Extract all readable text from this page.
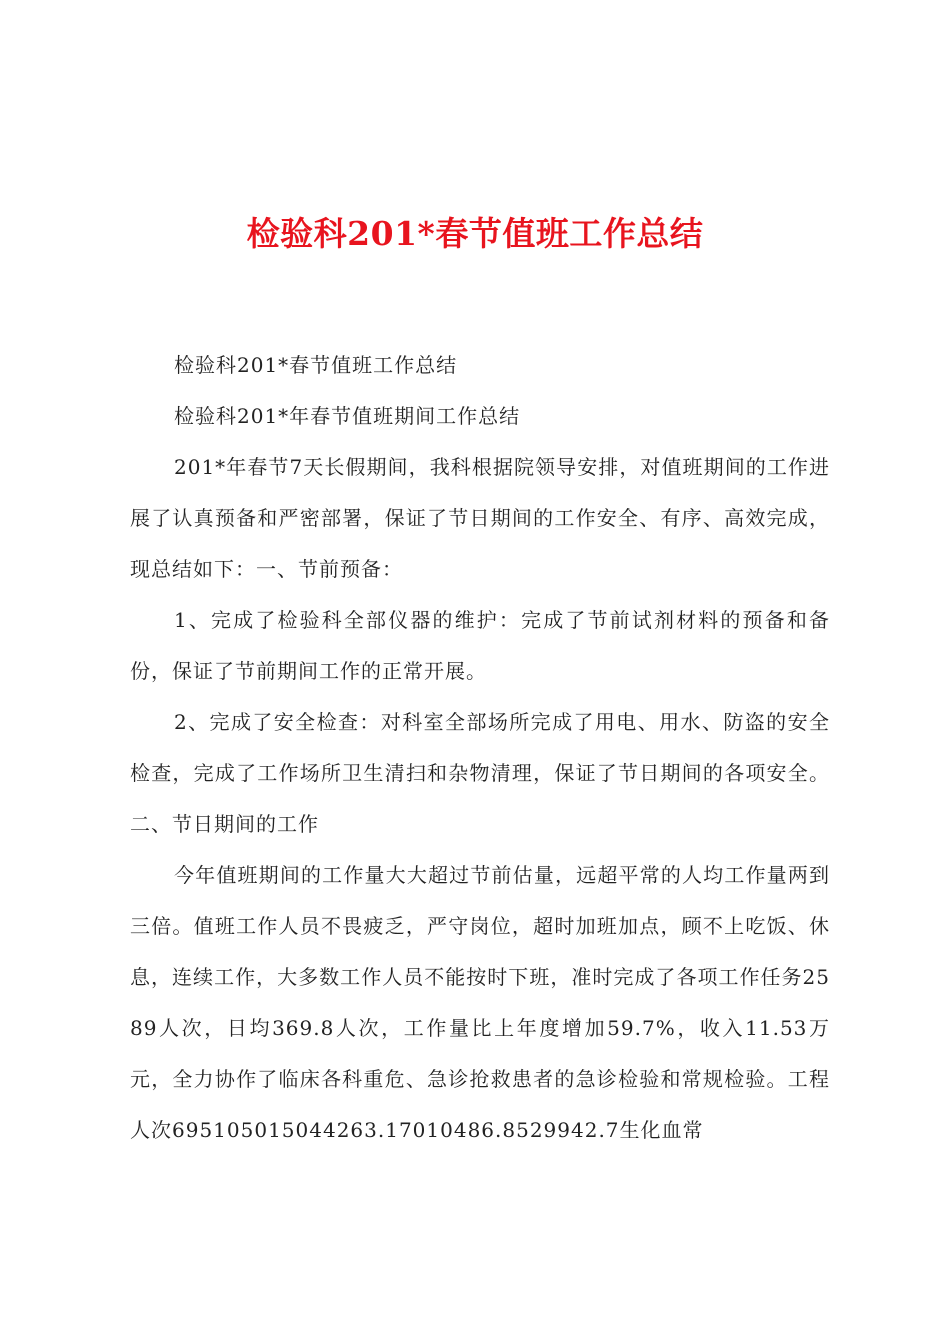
检验科201*春节值班工作总结

检验科201*春节值班工作总结

检验科201*年春节值班期间工作总结

201*年春节7天长假期间，我科根据院领导安排，对值班期间的工作进展了认真预备和严密部署，保证了节日期间的工作安全、有序、高效完成，现总结如下：一、节前预备：

1、完成了检验科全部仪器的维护：完成了节前试剂材料的预备和备份，保证了节前期间工作的正常开展。

2、完成了安全检查：对科室全部场所完成了用电、用水、防盗的安全检查，完成了工作场所卫生清扫和杂物清理，保证了节日期间的各项安全。二、节日期间的工作

今年值班期间的工作量大大超过节前估量，远超平常的人均工作量两到三倍。值班工作人员不畏疲乏，严守岗位，超时加班加点，顾不上吃饭、休息，连续工作，大多数工作人员不能按时下班，准时完成了各项工作任务2589人次，日均369.8人次，工作量比上年度增加59.7%，收入11.53万元，全力协作了临床各科重危、急诊抢救患者的急诊检验和常规检验。工程人次695105015044263.17010486.8529942.7生化血常
